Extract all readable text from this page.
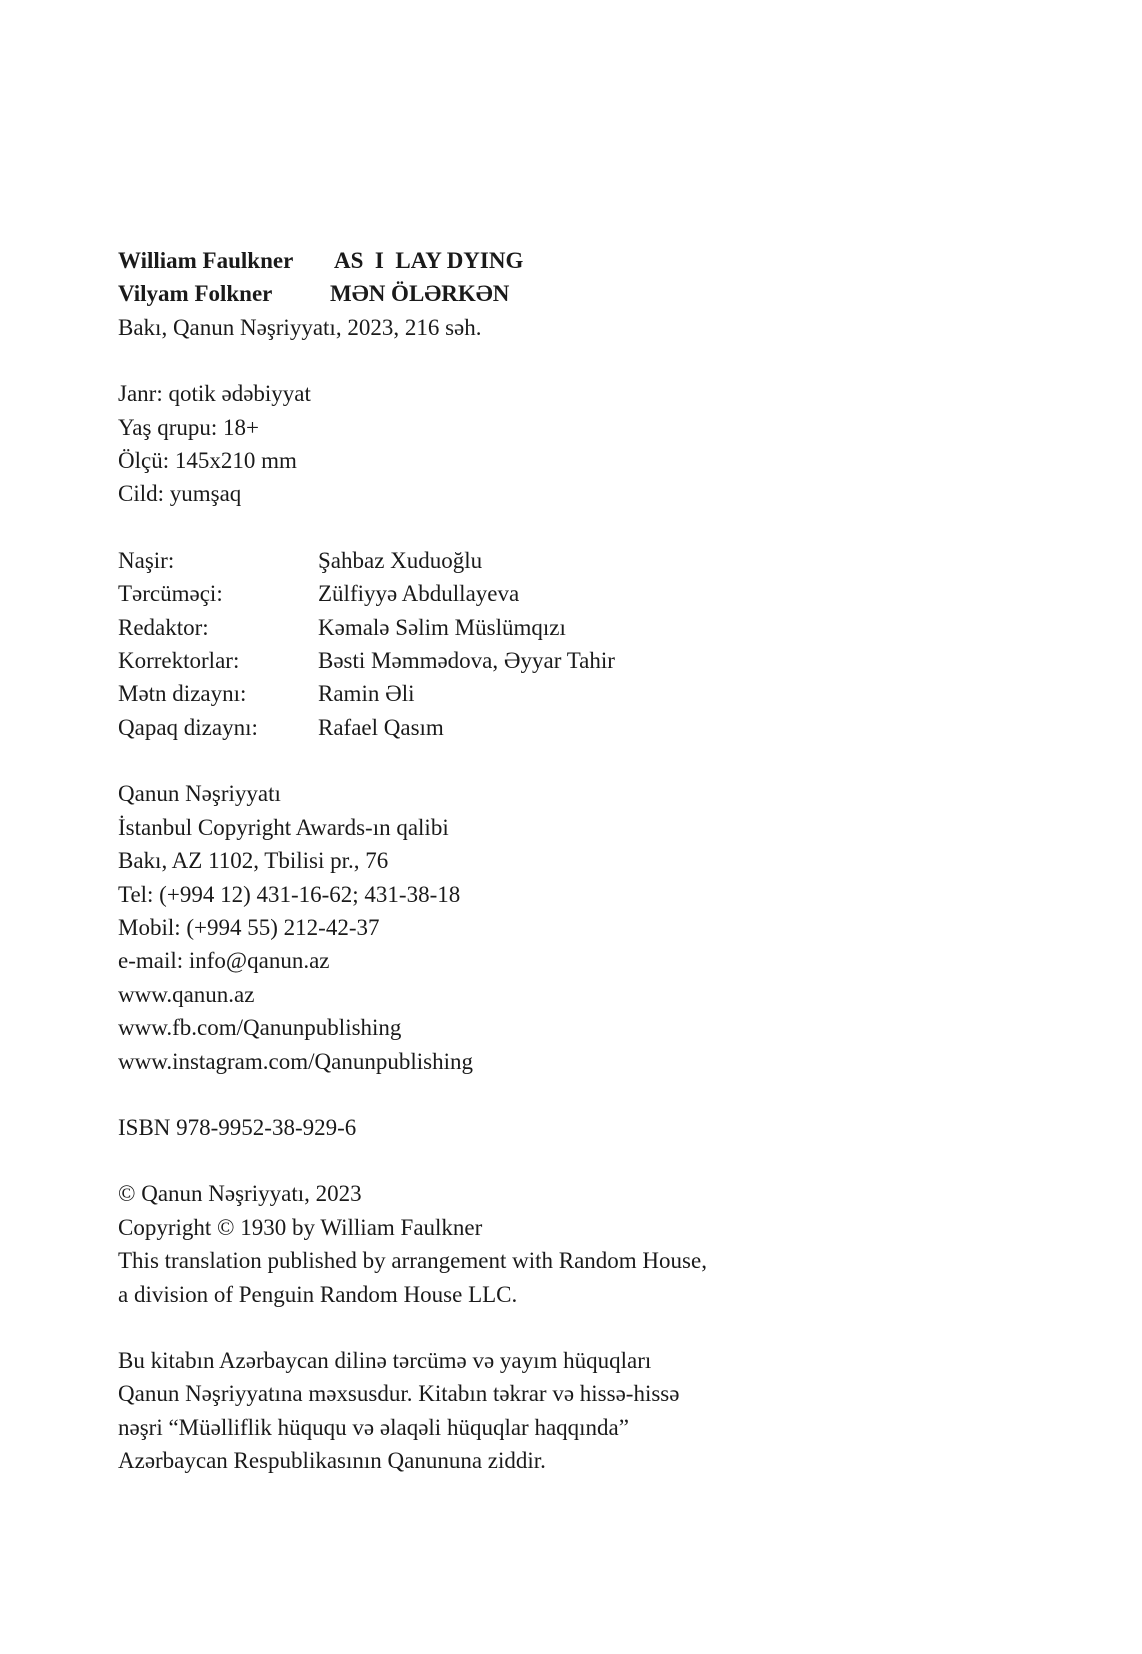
William Faulkner	AS  I  LAY DYING
Vilyam Folkner	MƏN ÖLƏRKƏN
Bakı, Qanun Nəşriyyatı, 2023, 216 səh.
Janr: qotik ədəbiyyat
Yaş qrupu: 18+
Ölçü: 145x210 mm
Cild: yumşaq
Naşir:	Şahbaz Xuduoğlu
Tərcüməçi:	Zülfiyyə Abdullayeva
Redaktor:	Kəmalə Səlim Müslümqızı
Korrektorlar:	Bəsti Məmmədova, Əyyar Tahir
Mətn dizaynı:	Ramin Əli
Qapaq dizaynı:	Rafael Qasım
Qanun Nəşriyyatı
İstanbul Copyright Awards-ın qalibi
Bakı, AZ 1102, Tbilisi pr., 76
Tel: (+994 12) 431-16-62; 431-38-18
Mobil: (+994 55) 212-42-37
e-mail: info@qanun.az
www.qanun.az
www.fb.com/Qanunpublishing
www.instagram.com/Qanunpublishing
ISBN 978-9952-38-929-6
© Qanun Nəşriyyatı, 2023
Copyright © 1930 by William Faulkner
This translation published by arrangement with Random House,
a division of Penguin Random House LLC.
Bu kitabın Azərbaycan dilinə tərcümə və yayım hüquqları
Qanun Nəşriyyatına məxsusdur. Kitabın təkrar və hissə-hissə
nəşri “Müəlliflik hüququ və əlaqəli hüquqlar haqqında”
Azərbaycan Respublikasının Qanununa ziddir.
